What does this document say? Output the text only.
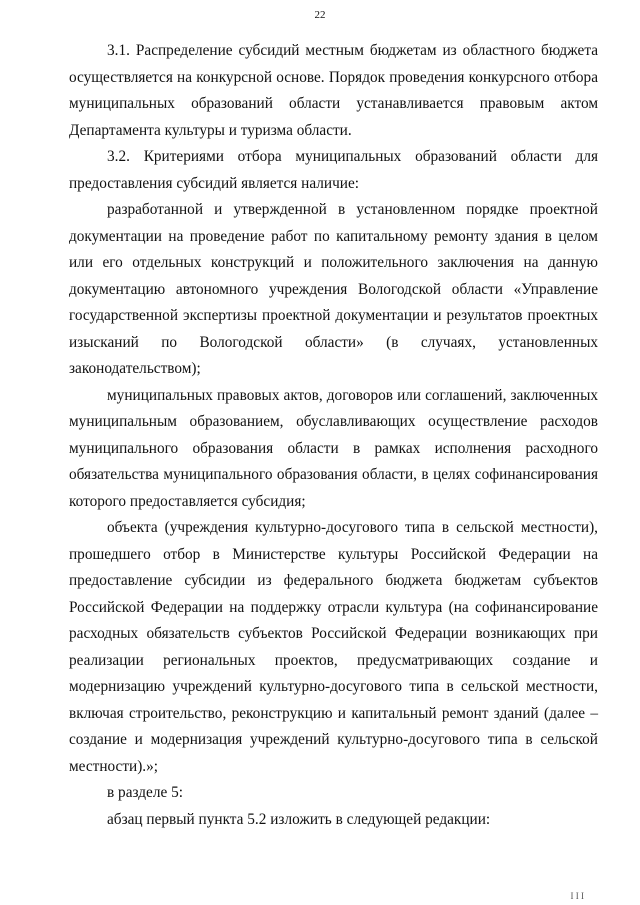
22

3.1. Распределение субсидий местным бюджетам из областного бюджета осуществляется на конкурсной основе. Порядок проведения конкурсного отбора муниципальных образований области устанавливается правовым актом Департамента культуры и туризма области.

3.2. Критериями отбора муниципальных образований области для предоставления субсидий является наличие:

разработанной и утвержденной в установленном порядке проектной документации на проведение работ по капитальному ремонту здания в целом или его отдельных конструкций и положительного заключения на данную документацию автономного учреждения Вологодской области «Управление государственной экспертизы проектной документации и результатов проектных изысканий по Вологодской области» (в случаях, установленных законодательством);

муниципальных правовых актов, договоров или соглашений, заключенных муниципальным образованием, обуславливающих осуществление расходов муниципального образования области в рамках исполнения расходного обязательства муниципального образования области, в целях софинансирования которого предоставляется субсидия;

объекта (учреждения культурно-досугового типа в сельской местности), прошедшего отбор в Министерстве культуры Российской Федерации на предоставление субсидии из федерального бюджета бюджетам субъектов Российской Федерации на поддержку отрасли культура (на софинансирование расходных обязательств субъектов Российской Федерации возникающих при реализации региональных проектов, предусматривающих создание и модернизацию учреждений культурно-досугового типа в сельской местности, включая строительство, реконструкцию и капитальный ремонт зданий (далее – создание и модернизация учреждений культурно-досугового типа в сельской местности).»;

в разделе 5:

абзац первый пункта 5.2 изложить в следующей редакции:

I I I
